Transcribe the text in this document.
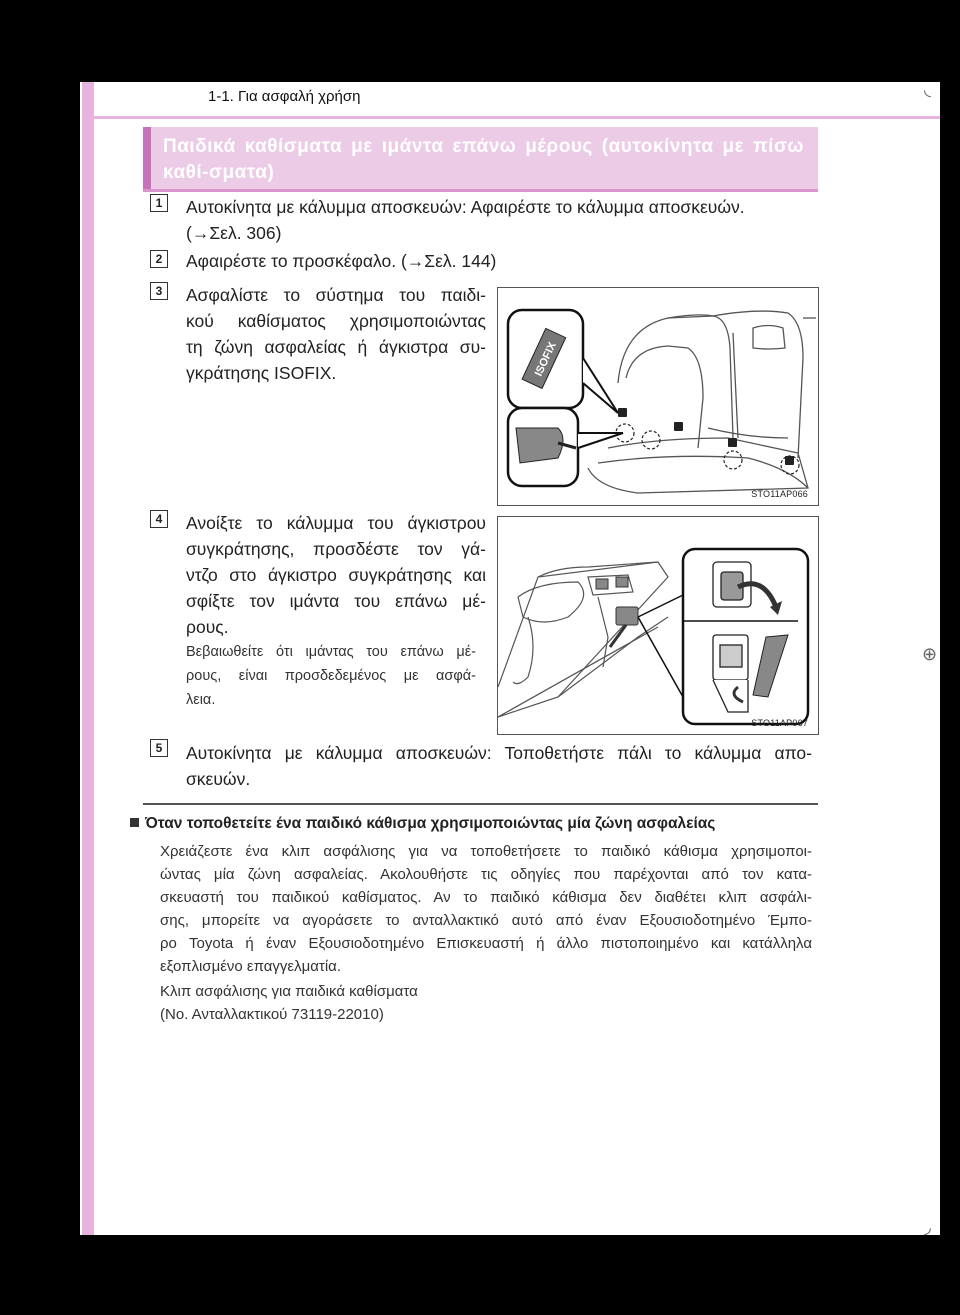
1-1. Για ασφαλή χρήση	◟
⊕
◞
Παιδικά καθίσματα με ιμάντα επάνω μέρους (αυτοκίνητα με πίσω καθί-σματα)
1	Αυτοκίνητα με κάλυμμα αποσκευών: Αφαιρέστε το κάλυμμα αποσκευών.
(→Σελ. 306)
2	Αφαιρέστε το προσκέφαλο. (→Σελ. 144)
3	Ασφαλίστε το σύστημα του παιδι-
κού καθίσματος χρησιμοποιώντας
τη ζώνη ασφαλείας ή άγκιστρα συ-
γκράτησης ISOFIX.	ISOFIX
STO11AP066
4	Ανοίξτε το κάλυμμα του άγκιστρου
συγκράτησης, προσδέστε τον γά-
ντζο στο άγκιστρο συγκράτησης και
σφίξτε τον ιμάντα του επάνω μέ-
ρους.
Βεβαιωθείτε ότι ιμάντας του επάνω μέ-
ρους, είναι προσδεδεμένος με ασφά-
λεια.
STO11AP067
5	Αυτοκίνητα με κάλυμμα αποσκευών: Τοποθετήστε πάλι το κάλυμμα απο-
σκευών.
Όταν τοποθετείτε ένα παιδικό κάθισμα χρησιμοποιώντας μία ζώνη ασφαλείας
Χρειάζεστε ένα κλιπ ασφάλισης για να τοποθετήσετε το παιδικό κάθισμα χρησιμοποι-
ώντας μία ζώνη ασφαλείας. Ακολουθήστε τις οδηγίες που παρέχονται από τον κατα-
σκευαστή του παιδικού καθίσματος. Αν το παιδικό κάθισμα δεν διαθέτει κλιπ ασφάλι-
σης, μπορείτε να αγοράσετε το ανταλλακτικό αυτό από έναν Εξουσιοδοτημένο Έμπο-
ρο Toyota ή έναν Εξουσιοδοτημένο Επισκευαστή ή άλλο πιστοποιημένο και κατάλληλα
εξοπλισμένο επαγγελματία.
Κλιπ ασφάλισης για παιδικά καθίσματα
(Νο. Ανταλλακτικού 73119-22010)
